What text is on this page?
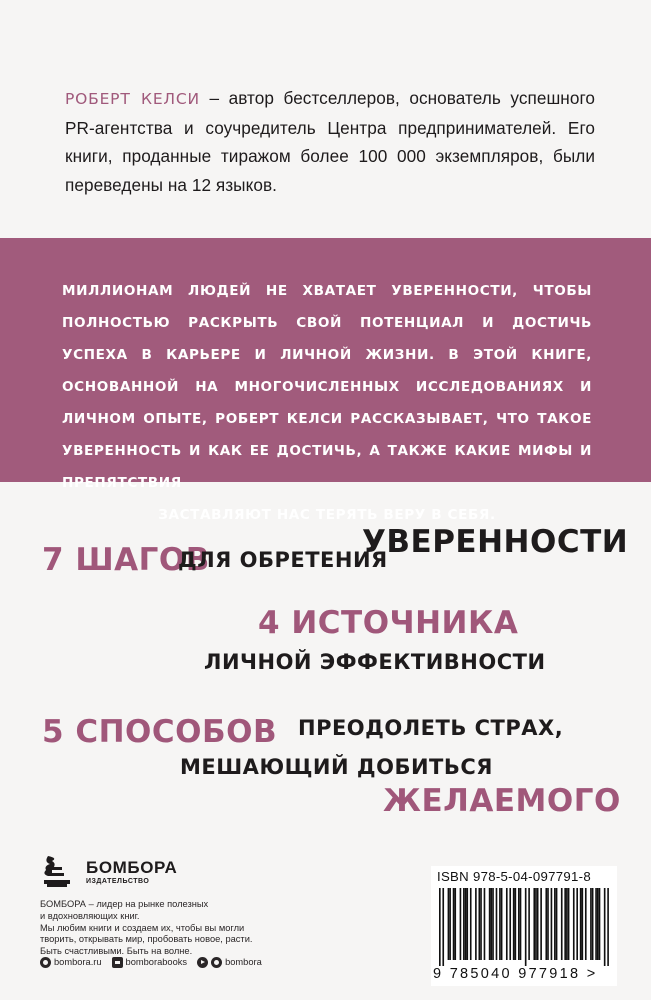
РОБЕРТ КЕЛСИ – автор бестселлеров, основатель успешного PR-агентства и соучредитель Центра предпринимателей. Его книги, проданные тиражом более 100 000 экземпляров, были переведены на 12 языков.
МИЛЛИОНАМ ЛЮДЕЙ НЕ ХВАТАЕТ УВЕРЕННОСТИ, ЧТОБЫ ПОЛНОСТЬЮ РАСКРЫТЬ СВОЙ ПОТЕНЦИАЛ И ДОСТИЧЬ УСПЕХА В КАРЬЕРЕ И ЛИЧНОЙ ЖИЗНИ. В ЭТОЙ КНИГЕ, ОСНОВАННОЙ НА МНОГОЧИСЛЕННЫХ ИССЛЕДОВАНИЯХ И ЛИЧНОМ ОПЫТЕ, РОБЕРТ КЕЛСИ РАССКАЗЫВАЕТ, ЧТО ТАКОЕ УВЕРЕННОСТЬ И КАК ЕЕ ДОСТИЧЬ, А ТАКЖЕ КАКИЕ МИФЫ И ПРЕПЯТСТВИЯ
ЗАСТАВЛЯЮТ НАС ТЕРЯТЬ ВЕРУ В СЕБЯ.
7 ШАГОВ
ДЛЯ ОБРЕТЕНИЯ
УВЕРЕННОСТИ
4 ИСТОЧНИКА
ЛИЧНОЙ ЭФФЕКТИВНОСТИ
5 СПОСОБОВ ПРЕОДОЛЕТЬ СТРАХ,
МЕШАЮЩИЙ ДОБИТЬСЯ
ЖЕЛАЕМОГО
БОМБОРА
ИЗДАТЕЛЬСТВО
БОМБОРА – лидер на рынке полезных
и вдохновляющих книг.
Мы любим книги и создаем их, чтобы вы могли
творить, открывать мир, пробовать новое, расти.
Быть счастливыми. Быть на волне.
bombora.ru	bomborabooks	bombora
ISBN 978-5-04-097791-8
9 785040 977918 >
